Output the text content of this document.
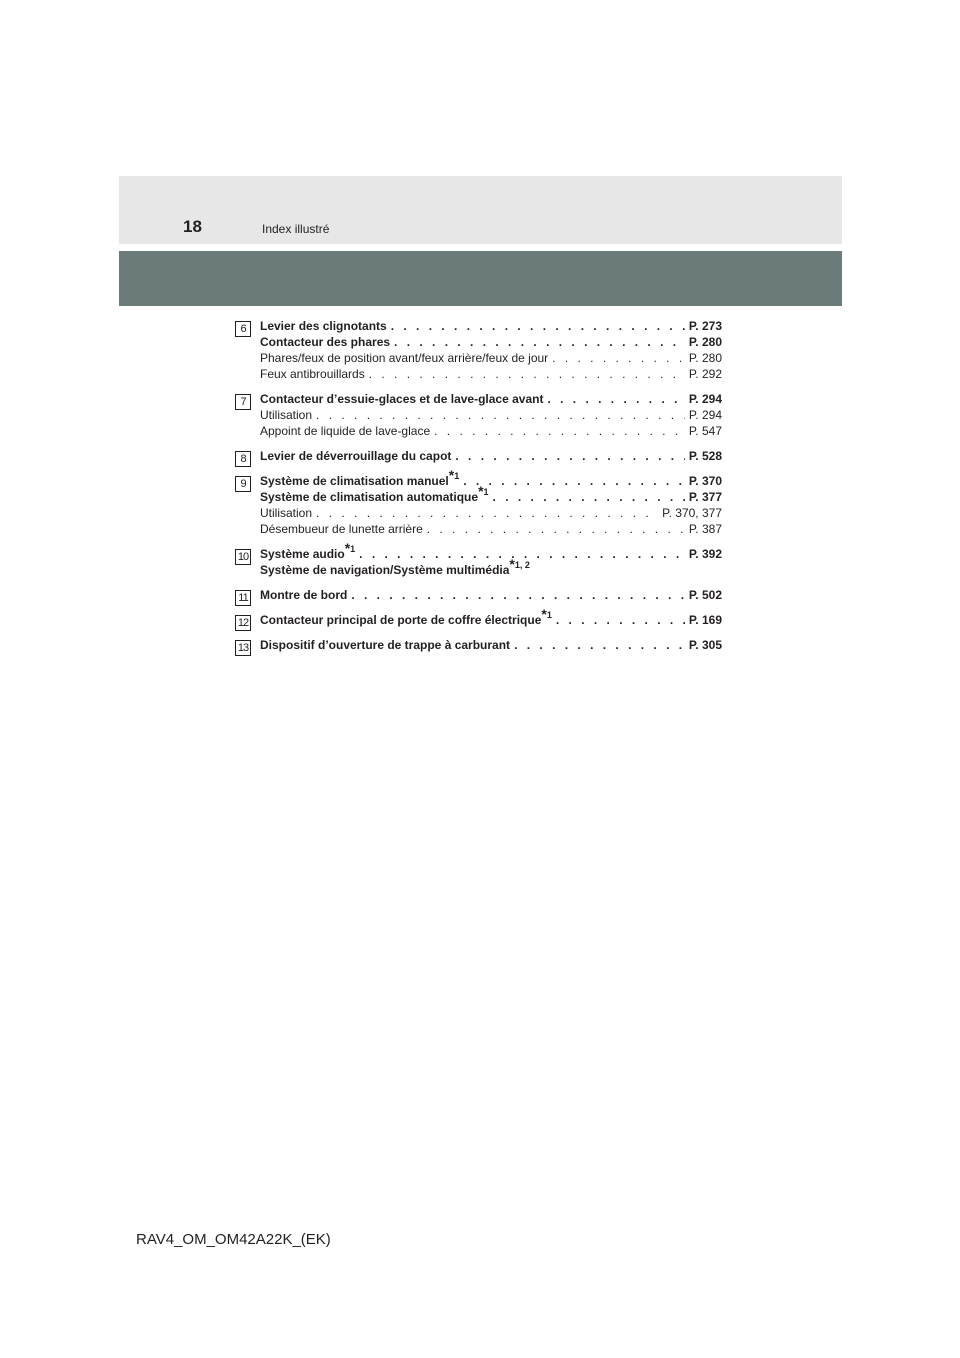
18	Index illustré
6	Levier des clignotants . . .	P. 273
Contacteur des phares . . .	P. 280
Phares/feux de position avant/feux arrière/feux de jour . . .	P. 280
Feux antibrouillards . . .	P. 292
7	Contacteur d’essuie-glaces et de lave-glace avant . . .	P. 294
Utilisation . . .	P. 294
Appoint de liquide de lave-glace . . .	P. 547
8	Levier de déverrouillage du capot . . .	P. 528
9	Système de climatisation manuel$^{*1}$ . . .	P. 370
Système de climatisation automatique$^{*1}$ . . .	P. 377
Utilisation . . .	P. 370, 377
Désembueur de lunette arrière . . .	P. 387
10 Système audio$^{*1}$ . . .	P. 392
Système de navigation/Système multimédia$^{*1, 2}$
11 Montre de bord . . .	P. 502
12 Contacteur principal de porte de coffre électrique$^{*1}$ . . .	P. 169
13 Dispositif d’ouverture de trappe à carburant . . .	P. 305
RAV4_OM_OM42A22K_(EK)
